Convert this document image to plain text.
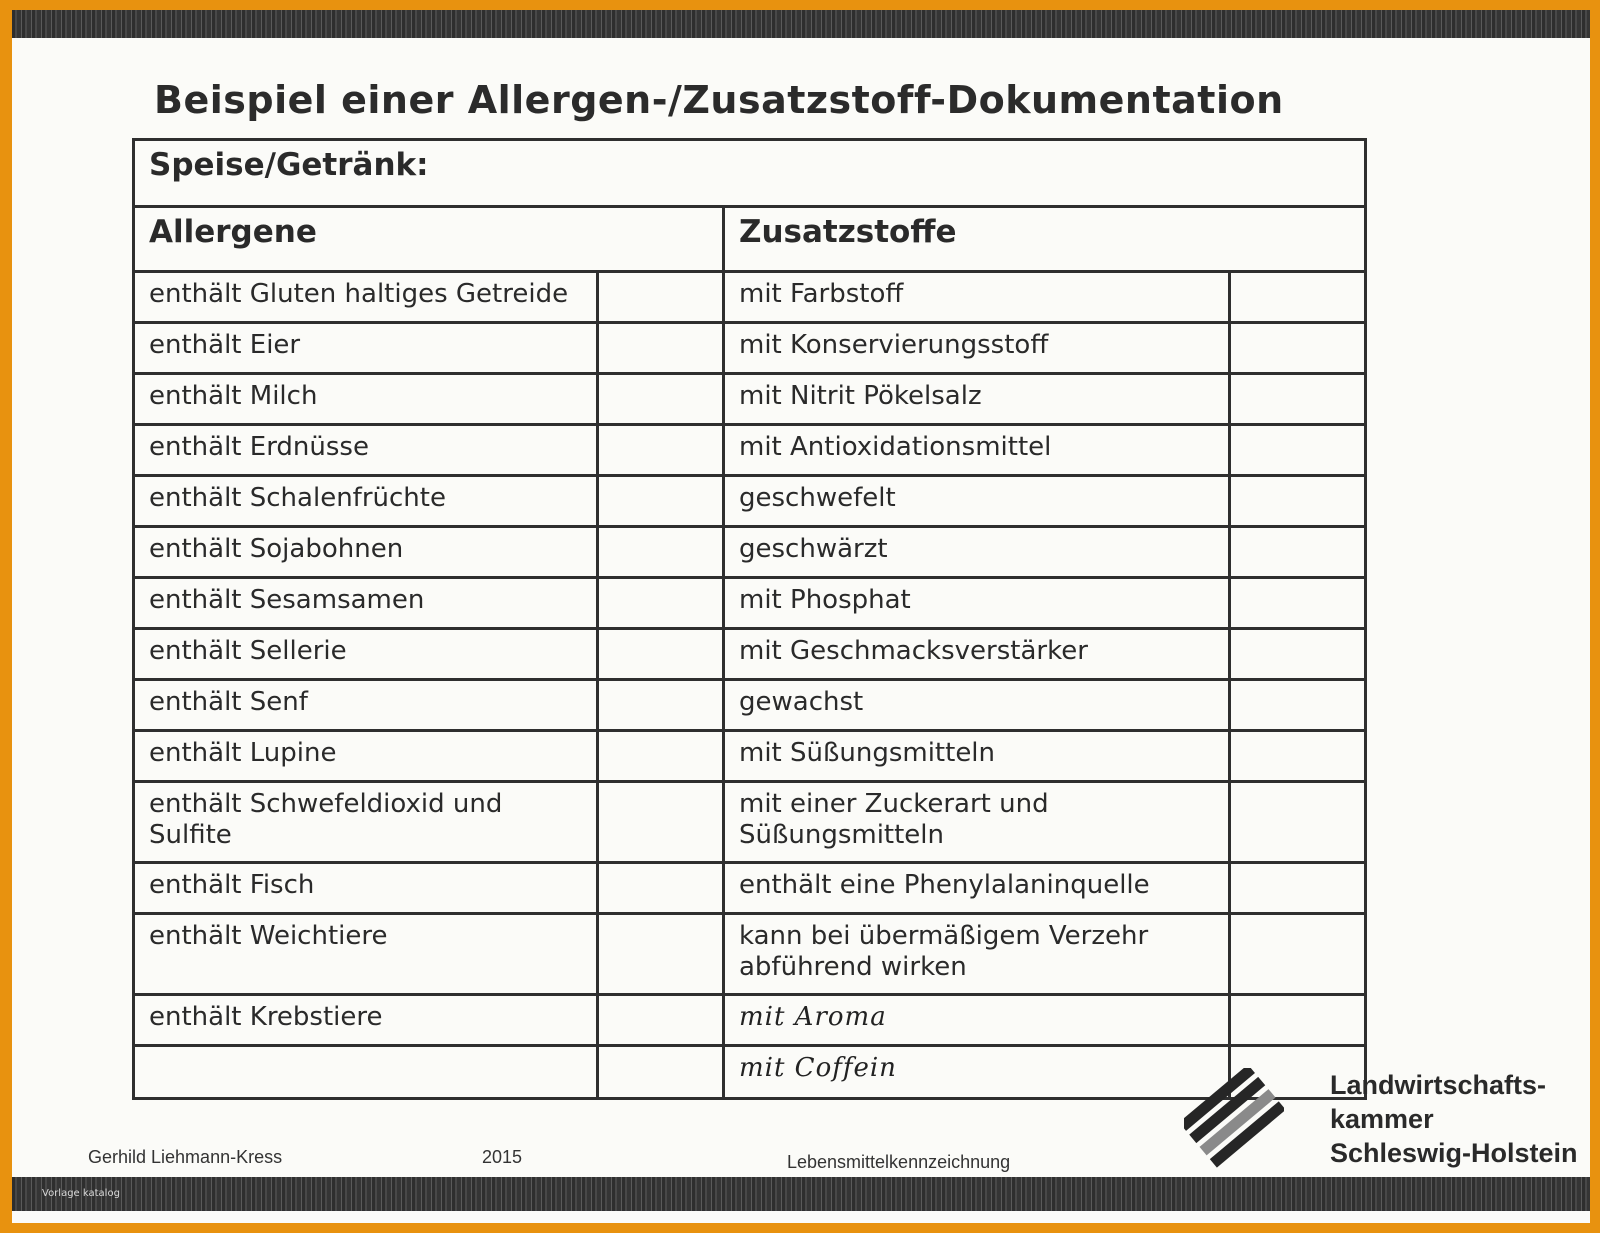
Beispiel einer Allergen-/Zusatzstoff-Dokumentation
Speise/Getränk:			
Allergene		Zusatzstoffe	
enthält Gluten haltiges Getreide		mit Farbstoff	
enthält Eier		mit Konservierungsstoff	
enthält Milch		mit Nitrit Pökelsalz	
enthält Erdnüsse		mit Antioxidationsmittel	
enthält Schalenfrüchte		geschwefelt	
enthält Sojabohnen		geschwärzt	
enthält Sesamsamen		mit Phosphat	
enthält Sellerie		mit Geschmacksverstärker	
enthält Senf		gewachst	
enthält Lupine		mit Süßungsmitteln	
enthält Schwefeldioxid und Sulfite		mit einer Zuckerart und Süßungsmitteln	
enthält Fisch		enthält eine Phenylalaninquelle	
enthält Weichtiere		kann bei übermäßigem Verzehr abführend wirken	
enthält Krebstiere		mit Aroma	
		mit Coffein	
Gerhild Liehmann-Kress	2015	Lebensmittelkennzeichnung
Landwirtschafts-
kammer
Schleswig-Holstein
Vorlage katalog
